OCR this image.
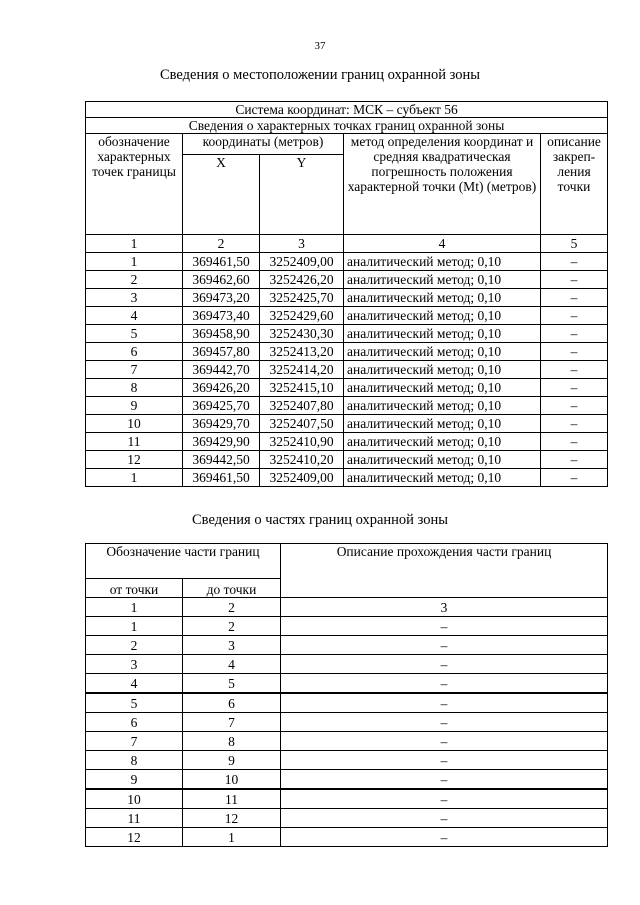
37
Сведения о местоположении границ охранной зоны
Система координат: МСК – субъект 56				
Сведения о характерных точках границ охранной зоны				
обозначение характерных точек границы	координаты (метров)		метод определения координат и средняя квадратическая погрешность положения характерной точки (Mt) (метров)	описание закреп-ления точки
	X	Y		
1	2	3	4	5
1	369461,50	3252409,00	аналитический метод; 0,10	–
2	369462,60	3252426,20	аналитический метод; 0,10	–
3	369473,20	3252425,70	аналитический метод; 0,10	–
4	369473,40	3252429,60	аналитический метод; 0,10	–
5	369458,90	3252430,30	аналитический метод; 0,10	–
6	369457,80	3252413,20	аналитический метод; 0,10	–
7	369442,70	3252414,20	аналитический метод; 0,10	–
8	369426,20	3252415,10	аналитический метод; 0,10	–
9	369425,70	3252407,80	аналитический метод; 0,10	–
10	369429,70	3252407,50	аналитический метод; 0,10	–
11	369429,90	3252410,90	аналитический метод; 0,10	–
12	369442,50	3252410,20	аналитический метод; 0,10	–
1	369461,50	3252409,00	аналитический метод; 0,10	–
Сведения о частях границ охранной зоны
Обозначение части границ		Описание прохождения части границ
от точки	до точки	
1	2	3
1	2	–
2	3	–
3	4	–
4	5	–
5	6	–
6	7	–
7	8	–
8	9	–
9	10	–
10	11	–
11	12	–
12	1	–
